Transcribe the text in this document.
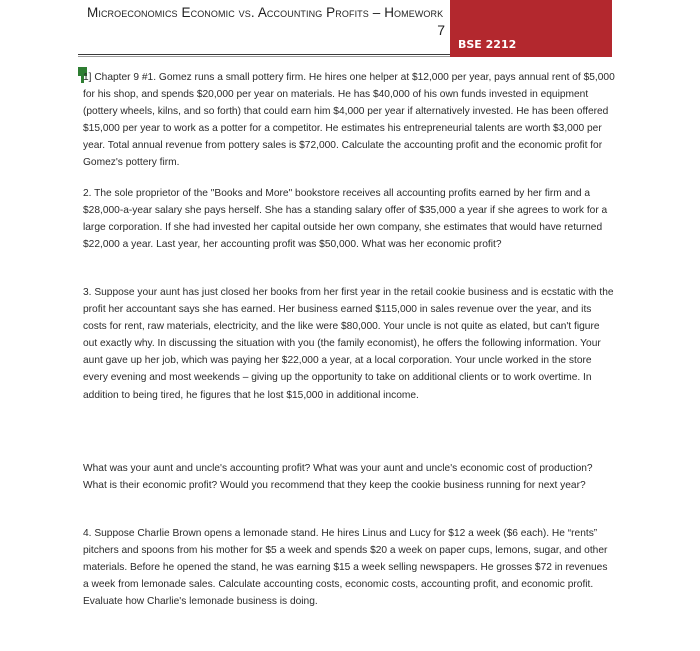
Microeconomics Economic vs. Accounting Profits – Homework
7
BSE 2212

1] Chapter 9 #1. Gomez runs a small pottery firm. He hires one helper at $12,000 per year, pays annual rent of $5,000 for his shop, and spends $20,000 per year on materials. He has $40,000 of his own funds invested in equipment (pottery wheels, kilns, and so forth) that could earn him $4,000 per year if alternatively invested. He has been offered $15,000 per year to work as a potter for a competitor. He estimates his entrepreneurial talents are worth $3,000 per year. Total annual revenue from pottery sales is $72,000. Calculate the accounting profit and the economic profit for Gomez's pottery firm.

2. The sole proprietor of the "Books and More" bookstore receives all accounting profits earned by her firm and a $28,000-a-year salary she pays herself. She has a standing salary offer of $35,000 a year if she agrees to work for a large corporation. If she had invested her capital outside her own company, she estimates that would have returned $22,000 a year. Last year, her accounting profit was $50,000. What was her economic profit?

3. Suppose your aunt has just closed her books from her first year in the retail cookie business and is ecstatic with the profit her accountant says she has earned. Her business earned $115,000 in sales revenue over the year, and its costs for rent, raw materials, electricity, and the like were $80,000. Your uncle is not quite as elated, but can't figure out exactly why. In discussing the situation with you (the family economist), he offers the following information. Your aunt gave up her job, which was paying her $22,000 a year, at a local corporation. Your uncle worked in the store every evening and most weekends – giving up the opportunity to take on additional clients or to work overtime. In addition to being tired, he figures that he lost $15,000 in additional income.

What was your aunt and uncle's accounting profit? What was your aunt and uncle's economic cost of production? What is their economic profit? Would you recommend that they keep the cookie business running for next year?

4. Suppose Charlie Brown opens a lemonade stand. He hires Linus and Lucy for $12 a week ($6 each). He “rents” pitchers and spoons from his mother for $5 a week and spends $20 a week on paper cups, lemons, sugar, and other materials. Before he opened the stand, he was earning $15 a week selling newspapers. He grosses $72 in revenues a week from lemonade sales. Calculate accounting costs, economic costs, accounting profit, and economic profit. Evaluate how Charlie's lemonade business is doing.
